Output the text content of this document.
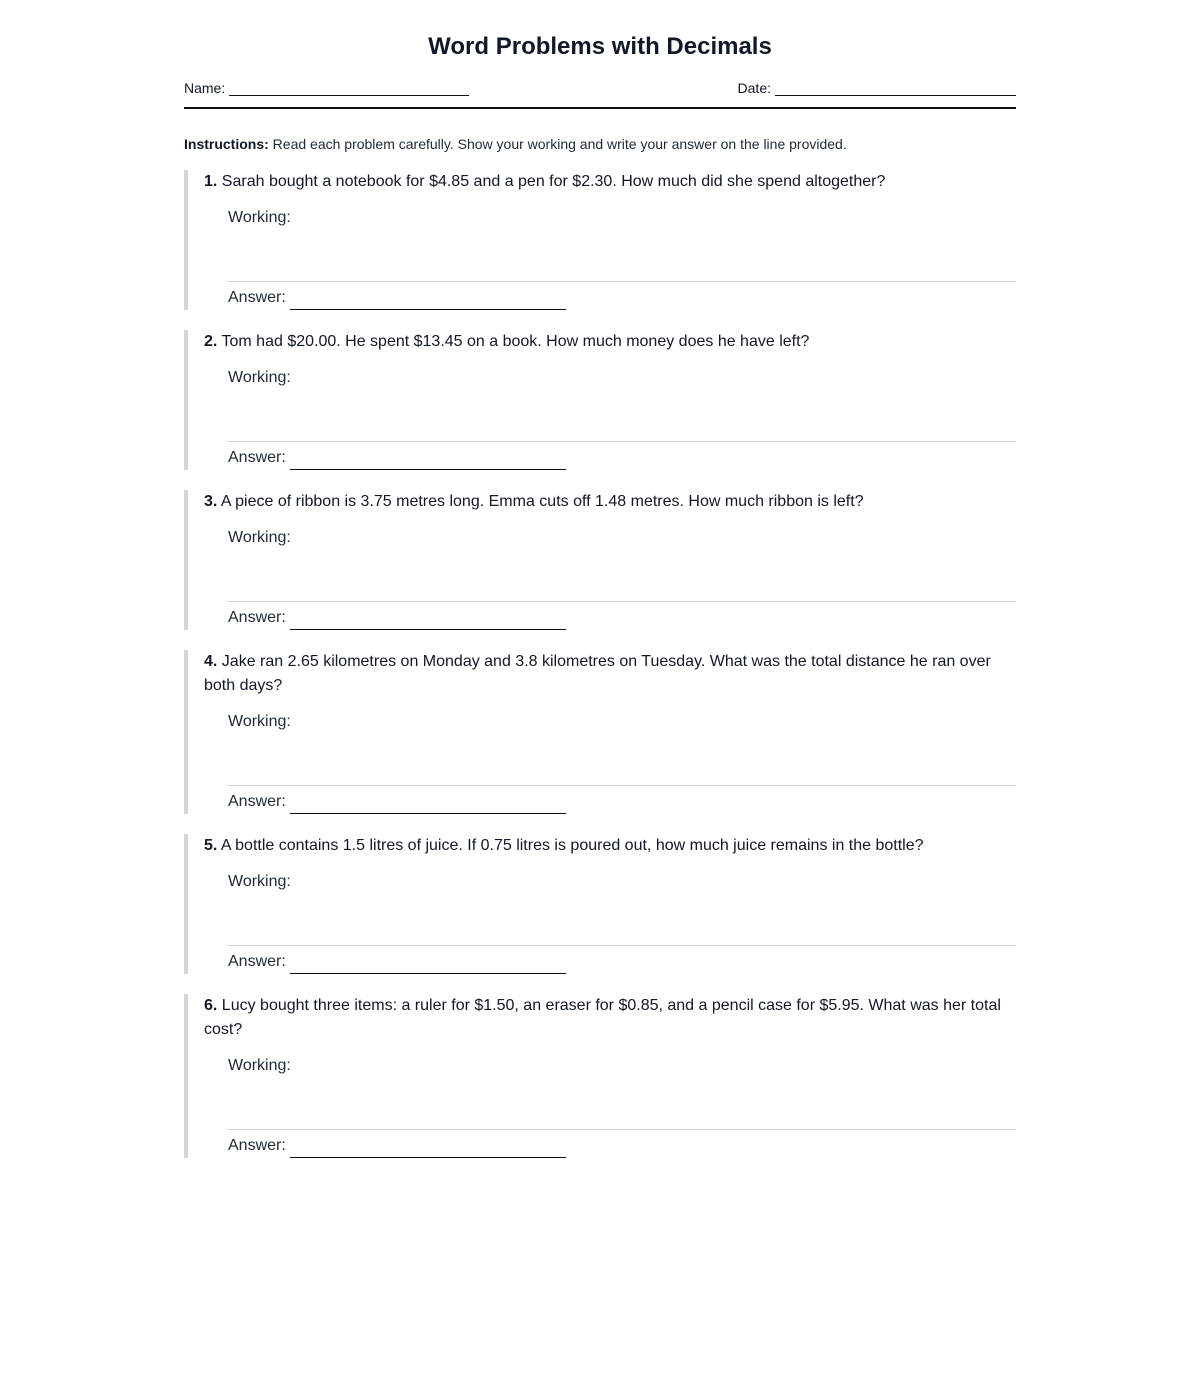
Word Problems with Decimals
Name:	Date:
Instructions: Read each problem carefully. Show your working and write your answer on the line provided.
1. Sarah bought a notebook for $4.85 and a pen for $2.30. How much did she spend altogether?
Working:
Answer:
2. Tom had $20.00. He spent $13.45 on a book. How much money does he have left?
Working:
Answer:
3. A piece of ribbon is 3.75 metres long. Emma cuts off 1.48 metres. How much ribbon is left?
Working:
Answer:
4. Jake ran 2.65 kilometres on Monday and 3.8 kilometres on Tuesday. What was the total distance he ran over both days?
Working:
Answer:
5. A bottle contains 1.5 litres of juice. If 0.75 litres is poured out, how much juice remains in the bottle?
Working:
Answer:
6. Lucy bought three items: a ruler for $1.50, an eraser for $0.85, and a pencil case for $5.95. What was her total cost?
Working:
Answer:
